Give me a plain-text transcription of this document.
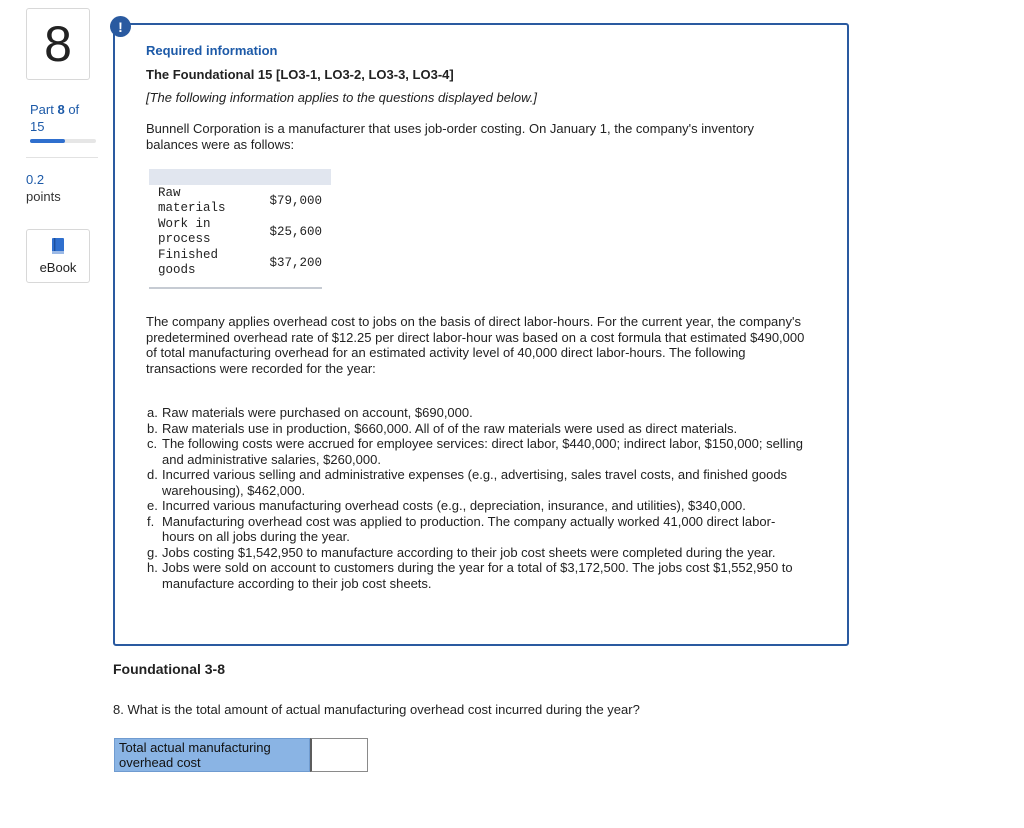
8
Part 8 of
15
0.2
points
eBook
!
Required information
The Foundational 15 [LO3-1, LO3-2, LO3-3, LO3-4]
[The following information applies to the questions displayed below.]
Bunnell Corporation is a manufacturer that uses job-order costing. On January 1, the company's inventory balances were as follows:

Raw materials	$79,000
Work in process	$25,600
Finished goods	$37,200
The company applies overhead cost to jobs on the basis of direct labor-hours. For the current year, the company's predetermined overhead rate of $12.25 per direct labor-hour was based on a cost formula that estimated $490,000 of total manufacturing overhead for an estimated activity level of 40,000 direct labor-hours. The following transactions were recorded for the year:
a. Raw materials were purchased on account, $690,000.
b. Raw materials use in production, $660,000. All of of the raw materials were used as direct materials.
c. The following costs were accrued for employee services: direct labor, $440,000; indirect labor, $150,000; selling and administrative salaries, $260,000.
d. Incurred various selling and administrative expenses (e.g., advertising, sales travel costs, and finished goods warehousing), $462,000.
e. Incurred various manufacturing overhead costs (e.g., depreciation, insurance, and utilities), $340,000.
f. Manufacturing overhead cost was applied to production. The company actually worked 41,000 direct labor-hours on all jobs during the year.
g. Jobs costing $1,542,950 to manufacture according to their job cost sheets were completed during the year.
h. Jobs were sold on account to customers during the year for a total of $3,172,500. The jobs cost $1,552,950 to manufacture according to their job cost sheets.
Foundational 3-8
8. What is the total amount of actual manufacturing overhead cost incurred during the year?
Total actual manufacturing overhead cost
